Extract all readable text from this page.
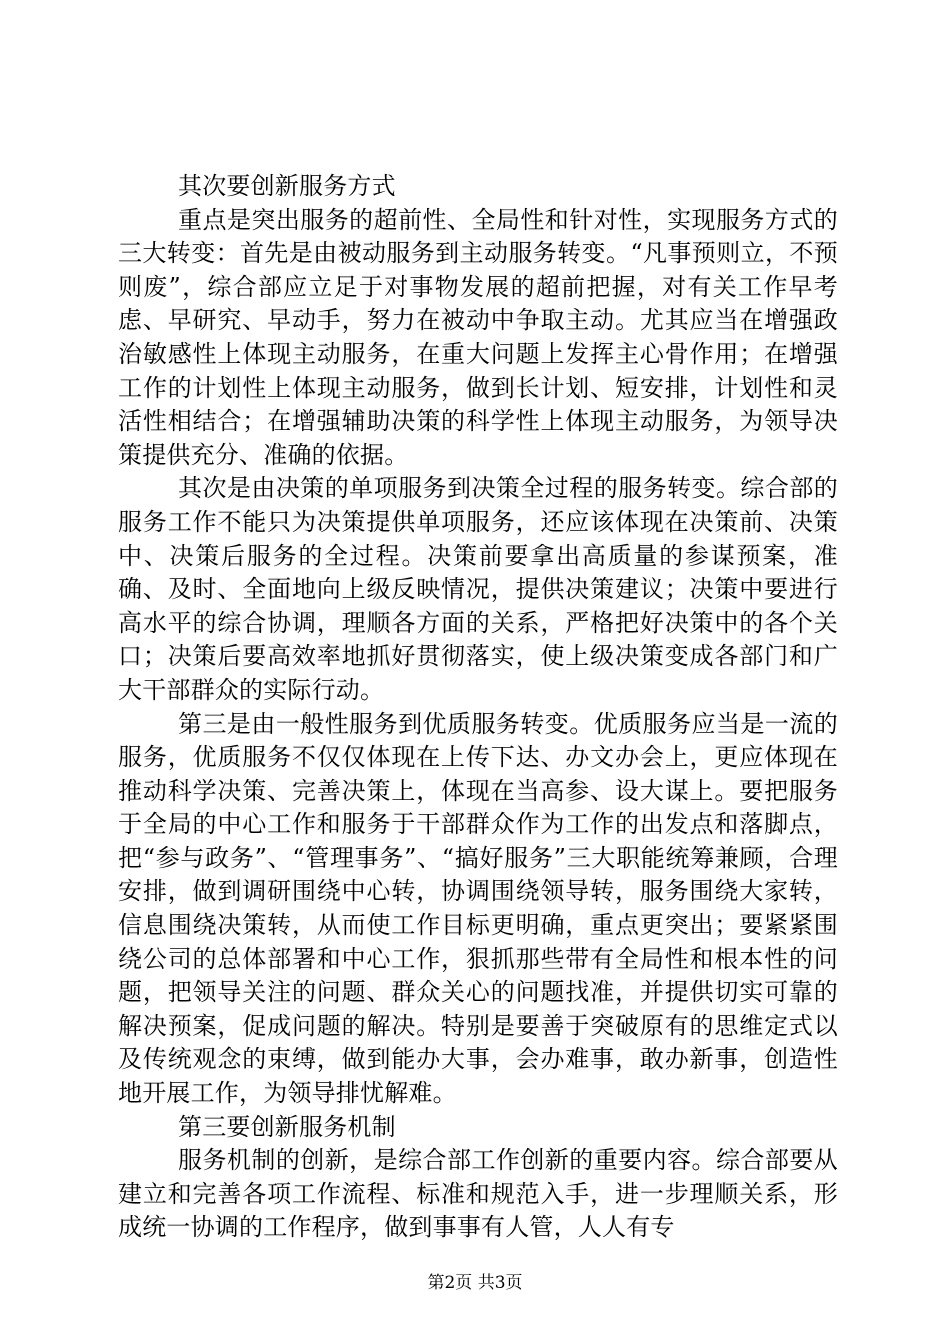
其次要创新服务方式

重点是突出服务的超前性、全局性和针对性，实现服务方式的三大转变：首先是由被动服务到主动服务转变。“凡事预则立，不预则废”，综合部应立足于对事物发展的超前把握，对有关工作早考虑、早研究、早动手，努力在被动中争取主动。尤其应当在增强政治敏感性上体现主动服务，在重大问题上发挥主心骨作用；在增强工作的计划性上体现主动服务，做到长计划、短安排，计划性和灵活性相结合；在增强辅助决策的科学性上体现主动服务，为领导决策提供充分、准确的依据。

其次是由决策的单项服务到决策全过程的服务转变。综合部的服务工作不能只为决策提供单项服务，还应该体现在决策前、决策中、决策后服务的全过程。决策前要拿出高质量的参谋预案，准确、及时、全面地向上级反映情况，提供决策建议；决策中要进行高水平的综合协调，理顺各方面的关系，严格把好决策中的各个关口；决策后要高效率地抓好贯彻落实，使上级决策变成各部门和广大干部群众的实际行动。

第三是由一般性服务到优质服务转变。优质服务应当是一流的服务，优质服务不仅仅体现在上传下达、办文办会上，更应体现在推动科学决策、完善决策上，体现在当高参、设大谋上。要把服务于全局的中心工作和服务于干部群众作为工作的出发点和落脚点，把“参与政务”、“管理事务”、“搞好服务”三大职能统筹兼顾，合理安排，做到调研围绕中心转，协调围绕领导转，服务围绕大家转，信息围绕决策转，从而使工作目标更明确，重点更突出；要紧紧围绕公司的总体部署和中心工作，狠抓那些带有全局性和根本性的问题，把领导关注的问题、群众关心的问题找准，并提供切实可靠的解决预案，促成问题的解决。特别是要善于突破原有的思维定式以及传统观念的束缚，做到能办大事，会办难事，敢办新事，创造性地开展工作，为领导排忧解难。

第三要创新服务机制

服务机制的创新，是综合部工作创新的重要内容。综合部要从建立和完善各项工作流程、标准和规范入手，进一步理顺关系，形成统一协调的工作程序，做到事事有人管，人人有专

第2页 共3页
